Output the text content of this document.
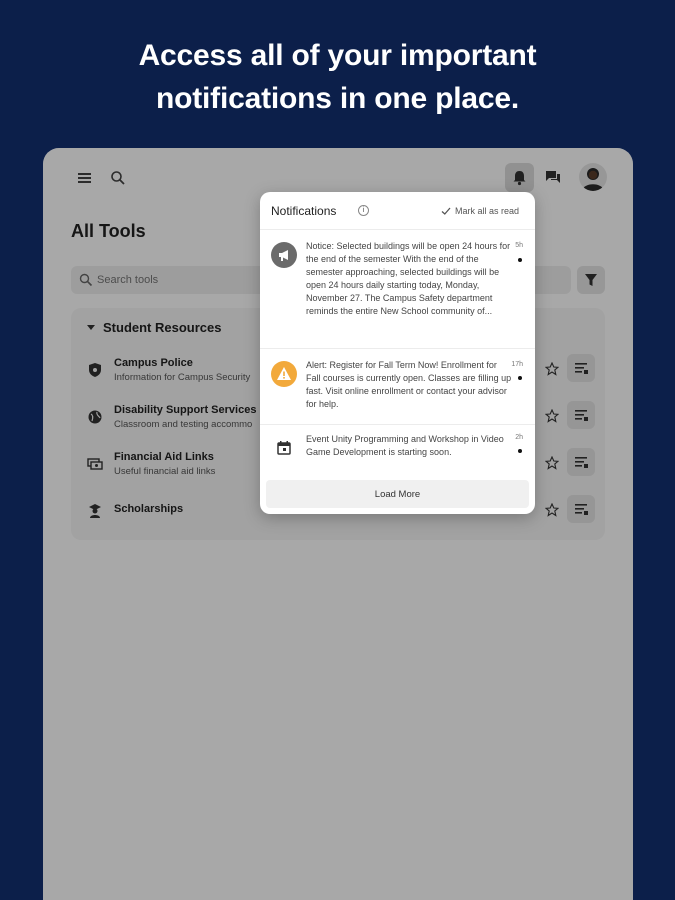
Access all of your important
notifications in one place.
All Tools
Search tools
Student Resources
Campus Police
Information for Campus Security
Disability Support Services
Classroom and testing accommo
Financial Aid Links
Useful financial aid links
Scholarships
Notifications	i	Mark all as read
Notice: Selected buildings will be open 24 hours for the end of the semester With the end of the semester approaching, selected buildings will be open 24 hours daily starting today, Monday, November 27. The Campus Safety department reminds the entire New School community of...
5h
Alert: Register for Fall Term Now! Enrollment for Fall courses is currently open. Classes are filling up fast. Visit online enrollment or contact your advisor for help.
17h
Event Unity Programming and Workshop in Video Game Development is starting soon.
2h
Load More
